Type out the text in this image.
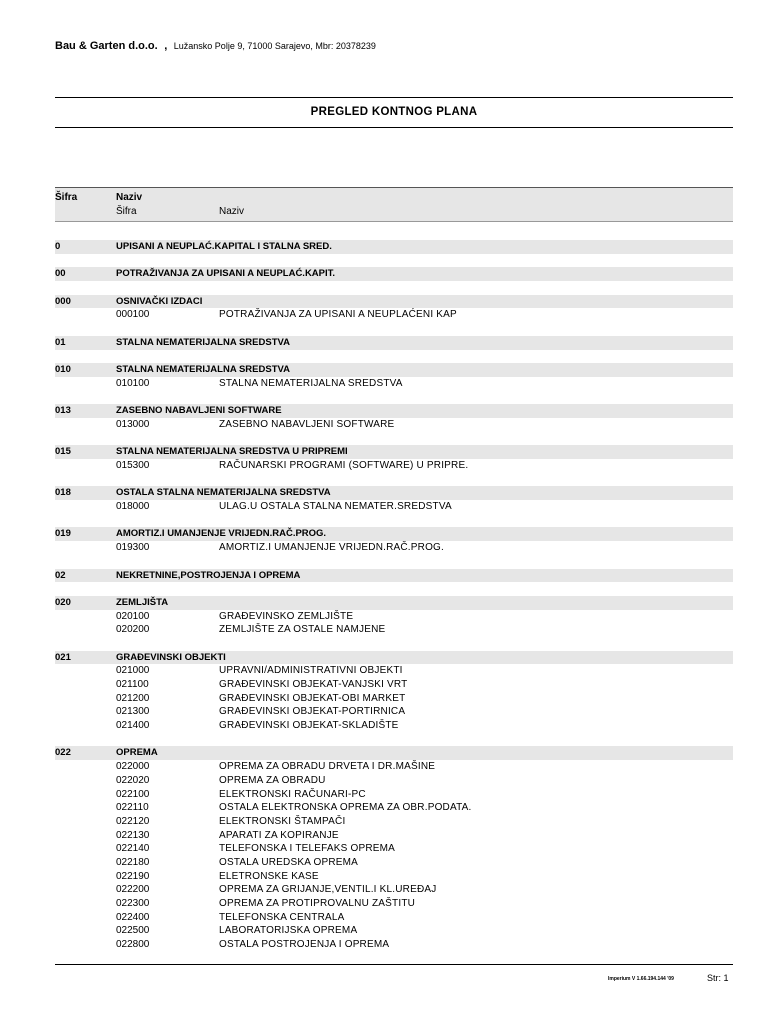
Bau & Garten d.o.o. , Lužansko Polje 9, 71000 Sarajevo, Mbr: 20378239
PREGLED KONTNOG PLANA
Šifra	Naziv
Šifra	Naziv
0	UPISANI A NEUPLAĆ.KAPITAL I STALNA SRED.
00	POTRAŽIVANJA ZA UPISANI A NEUPLAĆ.KAPIT.
000	OSNIVAČKI IZDACI
000100	POTRAŽIVANJA ZA UPISANI A NEUPLAĆENI KAP
01	STALNA NEMATERIJALNA SREDSTVA
010	STALNA NEMATERIJALNA SREDSTVA
010100	STALNA NEMATERIJALNA SREDSTVA
013	ZASEBNO NABAVLJENI SOFTWARE
013000	ZASEBNO NABAVLJENI SOFTWARE
015	STALNA NEMATERIJALNA SREDSTVA U PRIPREMI
015300	RAČUNARSKI PROGRAMI (SOFTWARE) U PRIPRE.
018	OSTALA STALNA NEMATERIJALNA SREDSTVA
018000	ULAG.U OSTALA STALNA NEMATER.SREDSTVA
019	AMORTIZ.I UMANJENJE VRIJEDN.RAČ.PROG.
019300	AMORTIZ.I UMANJENJE VRIJEDN.RAČ.PROG.
02	NEKRETNINE,POSTROJENJA I OPREMA
020	ZEMLJIŠTA
020100	GRAĐEVINSKO ZEMLJIŠTE
020200	ZEMLJIŠTE ZA OSTALE NAMJENE
021	GRAĐEVINSKI OBJEKTI
021000	UPRAVNI/ADMINISTRATIVNI OBJEKTI
021100	GRAĐEVINSKI OBJEKAT-VANJSKI VRT
021200	GRAĐEVINSKI OBJEKAT-OBI MARKET
021300	GRAĐEVINSKI OBJEKAT-PORTIRNICA
021400	GRAĐEVINSKI OBJEKAT-SKLADIŠTE
022	OPREMA
022000	OPREMA ZA OBRADU DRVETA I DR.MAŠINE
022020	OPREMA ZA OBRADU
022100	ELEKTRONSKI RAČUNARI-PC
022110	OSTALA ELEKTRONSKA OPREMA ZA OBR.PODATA.
022120	ELEKTRONSKI ŠTAMPAČI
022130	APARATI ZA KOPIRANJE
022140	TELEFONSKA I TELEFAKS OPREMA
022180	OSTALA UREDSKA OPREMA
022190	ELETRONSKE KASE
022200	OPREMA ZA GRIJANJE,VENTIL.I KL.UREĐAJ
022300	OPREMA ZA PROTIPROVALNU ZAŠTITU
022400	TELEFONSKA CENTRALA
022500	LABORATORIJSKA OPREMA
022800	OSTALA POSTROJENJA I OPREMA
Imperium V 1.66.194.144 '09	Str: 1
